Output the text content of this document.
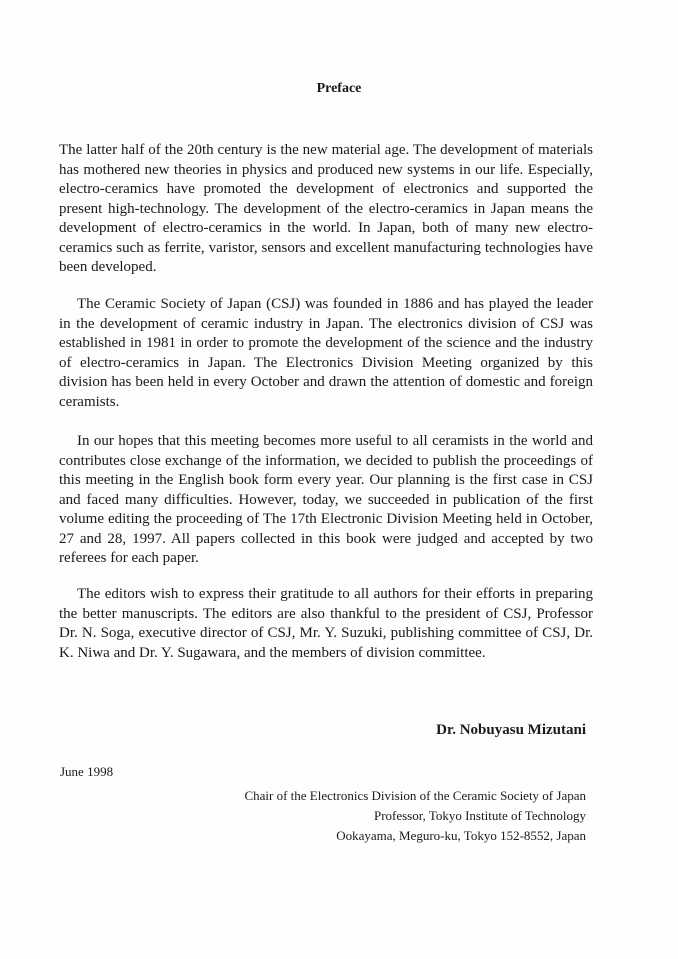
Preface

The latter half of the 20th century is the new material age. The development of materials has mothered new theories in physics and produced new systems in our life. Especially, electro-ceramics have promoted the development of electronics and supported the present high-technology. The development of the electro-ceramics in Japan means the development of electro-ceramics in the world. In Japan, both of many new electro-ceramics such as ferrite, varistor, sensors and excellent manufacturing technologies have been developed.

The Ceramic Society of Japan (CSJ) was founded in 1886 and has played the leader in the development of ceramic industry in Japan. The electronics division of CSJ was established in 1981 in order to promote the development of the science and the industry of electro-ceramics in Japan. The Electronics Division Meeting organized by this division has been held in every October and drawn the attention of domestic and foreign ceramists.

In our hopes that this meeting becomes more useful to all ceramists in the world and contributes close exchange of the information, we decided to publish the proceedings of this meeting in the English book form every year. Our planning is the first case in CSJ and faced many difficulties. However, today, we succeeded in publication of the first volume editing the proceeding of The 17th Electronic Division Meeting held in October, 27 and 28, 1997. All papers collected in this book were judged and accepted by two referees for each paper.

The editors wish to express their gratitude to all authors for their efforts in preparing the better manuscripts. The editors are also thankful to the president of CSJ, Professor Dr. N. Soga, executive director of CSJ, Mr. Y. Suzuki, publishing committee of CSJ, Dr. K. Niwa and Dr. Y. Sugawara, and the members of division committee.

Dr. Nobuyasu Mizutani
June 1998
Chair of the Electronics Division of the Ceramic Society of Japan
Professor, Tokyo Institute of Technology
Ookayama, Meguro-ku, Tokyo 152-8552, Japan
